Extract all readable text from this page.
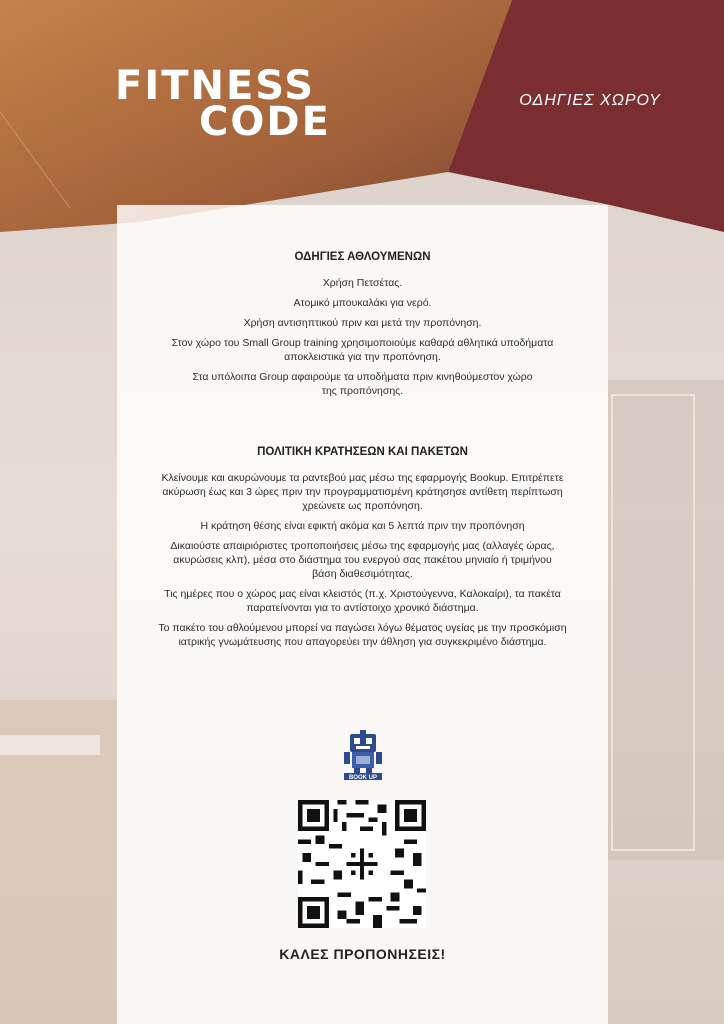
FITNESS
CODE	ΟΔΗΓΙΕΣ ΧΩΡΟΥ
ΟΔΗΓΙΕΣ ΑΘΛΟΥΜΕΝΩΝ

Χρήση Πετσέτας.

Ατομικό μπουκαλάκι για νερό.

Χρήση αντισηπτικού πριν και μετά την προπόνηση.

Στον χώρο του Small Group training χρησιμοποιούμε καθαρά αθλητικά υποδήματα αποκλειστικά για την προπόνηση.

Στα υπόλοιπα Group αφαιρούμε τα υποδήματα πριν κινηθούμεστον χώρο της προπόνησης.

ΠΟΛΙΤΙΚΗ ΚΡΑΤΗΣΕΩΝ ΚΑΙ ΠΑΚΕΤΩΝ

Κλείνουμε και ακυρώνουμε τα ραντεβού μας μέσω της εφαρμογής Bookup. Επιτρέπετε ακύρωση έως και 3 ώρες πριν την προγραμματισμένη κράτησησε αντίθετη περίπτωση χρεώνετε ως προπόνηση.

Η κράτηση θέσης είναι εφικτή ακόμα και 5 λεπτά πριν την προπόνηση

Δικαιούστε απαιριόριστες τροποποιήσεις μέσω της εφαρμογής μας (αλλαγές ώρας, ακυρώσεις κλπ), μέσα στο διάστημα του ενεργού σας πακέτου μηνιαίο ή τριμήνου βάση διαθεσιμότητας.

Τις ημέρες που ο χώρος μας είναι κλειστός (π.χ. Χριστούγεννα, Καλοκαίρι), τα πακέτα παρατείνονται για το αντίστοιχο χρονικό διάστημα.

Το πακέτο του αθλούμενου μπορεί να παγώσει λόγω θέματος υγείας με την προσκόμιση ιατρικής γνωμάτευσης που απαγορεύει την άθληση για συγκεκριμένο διάστημα.

BOOK UP
ΚΑΛΕΣ ΠΡΟΠΟΝΗΣΕΙΣ!
